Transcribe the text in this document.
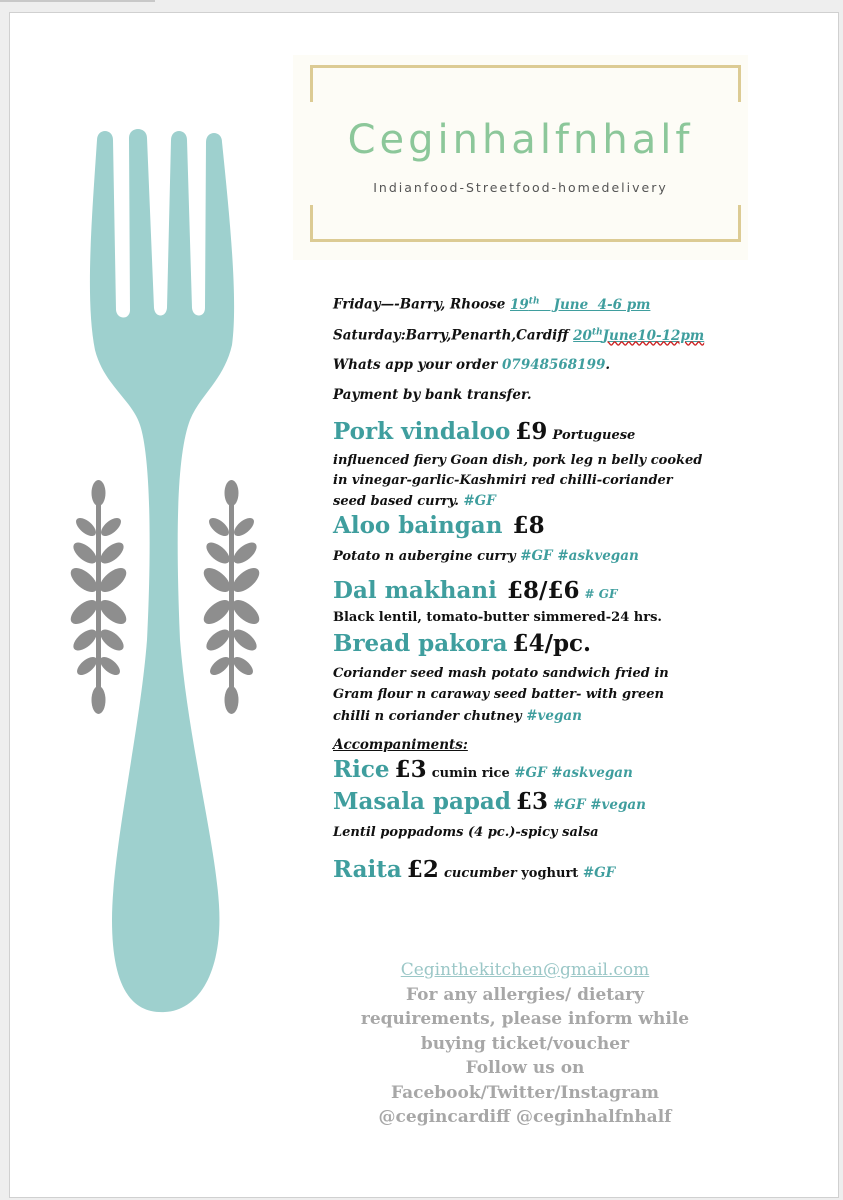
Ceginhalfnhalf
Indianfood-Streetfood-homedelivery
Friday—-Barry, Rhoose 19th   June  4-6 pm
Saturday:Barry,Penarth,Cardiff 20thJune10-12pm
Whats app your order 07948568199.
Payment by bank transfer.
Pork vindaloo £9 Portuguese
influenced fiery Goan dish, pork leg n belly cooked
in vinegar-garlic-Kashmiri red chilli-coriander
seed based curry. #GF
Aloo baingan £8
Potato n aubergine curry #GF #askvegan
Dal makhani £8/£6 # GF
Black lentil, tomato-butter simmered-24 hrs.
Bread pakora £4/pc.
Coriander seed mash potato sandwich fried in
Gram flour n caraway seed batter- with green
chilli n coriander chutney #vegan
Accompaniments:
Rice £3 cumin rice #GF #askvegan
Masala papad £3 #GF #vegan
Lentil poppadoms (4 pc.)-spicy salsa
Raita £2 cucumber yoghurt #GF
Ceginthekitchen@gmail.com
For any allergies/ dietary
requirements, please inform while
buying ticket/voucher
Follow us on
Facebook/Twitter/Instagram
@cegincardiff @ceginhalfnhalf
